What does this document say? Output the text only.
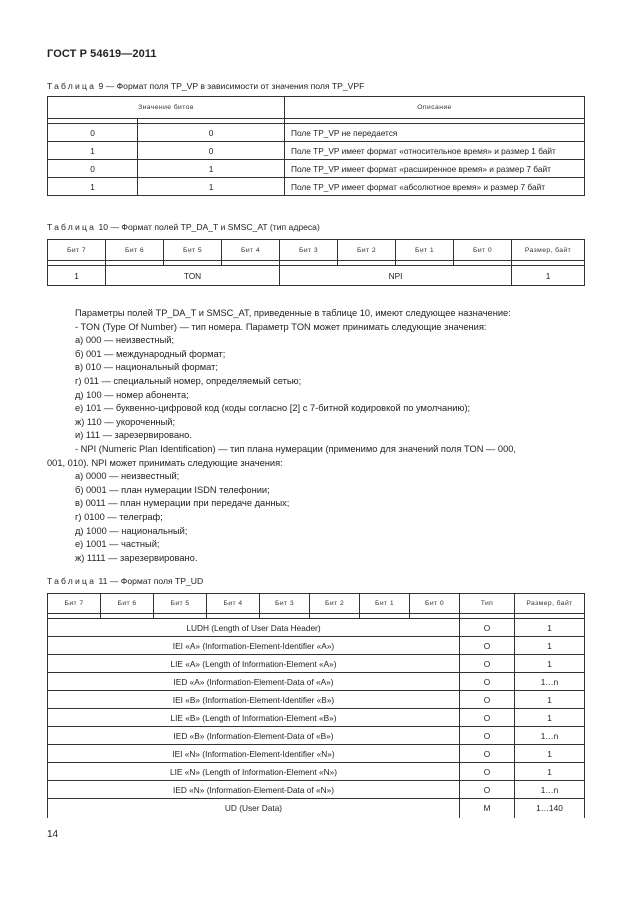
ГОСТ Р 54619—2011
Таблица 9 — Формат поля TP_VP в зависимости от значения поля TP_VPF
Значение битов		Описание

0	0	Поле TP_VP не передается
1	0	Поле TP_VP имеет формат «относительное время» и размер 1 байт
0	1	Поле TP_VP имеет формат «расширенное время» и размер 7 байт
1	1	Поле TP_VP имеет формат «абсолютное время» и размер 7 байт
Таблица 10 — Формат полей TP_DA_T и SMSC_AT (тип адреса)
Бит 7	Бит 6	Бит 5	Бит 4	Бит 3	Бит 2	Бит 1	Бит 0	Размер, байт

1	TON			NPI				1

Параметры полей TP_DA_T и SMSC_AT, приведенные в таблице 10, имеют следующее назначение:

- TON (Type Of Number) — тип номера. Параметр TON может принимать следующие значения:

а) 000 — неизвестный;

б) 001 — международный формат;

в) 010 — национальный формат;

г) 011 — специальный номер, определяемый сетью;

д) 100 — номер абонента;

е) 101 — буквенно-цифровой код (коды согласно [2] с 7-битной кодировкой по умолчанию);

ж) 110 — укороченный;

и) 111 — зарезервировано.

- NPI (Numeric Plan Identification) — тип плана нумерации (применимо для значений поля TON — 000,

001, 010). NPI может принимать следующие значения:

а) 0000 — неизвестный;

б) 0001 — план нумерации ISDN телефонии;

в) 0011 — план нумерации при передаче данных;

г) 0100 — телеграф;

д) 1000 — национальный;

е) 1001 — частный;

ж) 1111 — зарезервировано.

Таблица 11 — Формат поля TP_UD
Бит 7	Бит 6	Бит 5	Бит 4	Бит 3	Бит 2	Бит 1	Бит 0	Тип	Размер, байт

LUDH (Length of User Data Header)								O	1
IEI «A» (Information-Element-Identifier «A»)								O	1
LIE «A» (Length of Information-Element «A»)								O	1
IED «A» (Information-Element-Data of «A»)								O	1…n
IEI «B» (Information-Element-Identifier «B»)								O	1
LIE «B» (Length of Information-Element «B»)								O	1
IED «B» (Information-Element-Data of «B»)								O	1…n
IEI «N» (Information-Element-Identifier «N»)								O	1
LIE «N» (Length of Information-Element «N»)								O	1
IED «N» (Information-Element-Data of «N»)								O	1…n
UD (User Data)								M	1…140
14
